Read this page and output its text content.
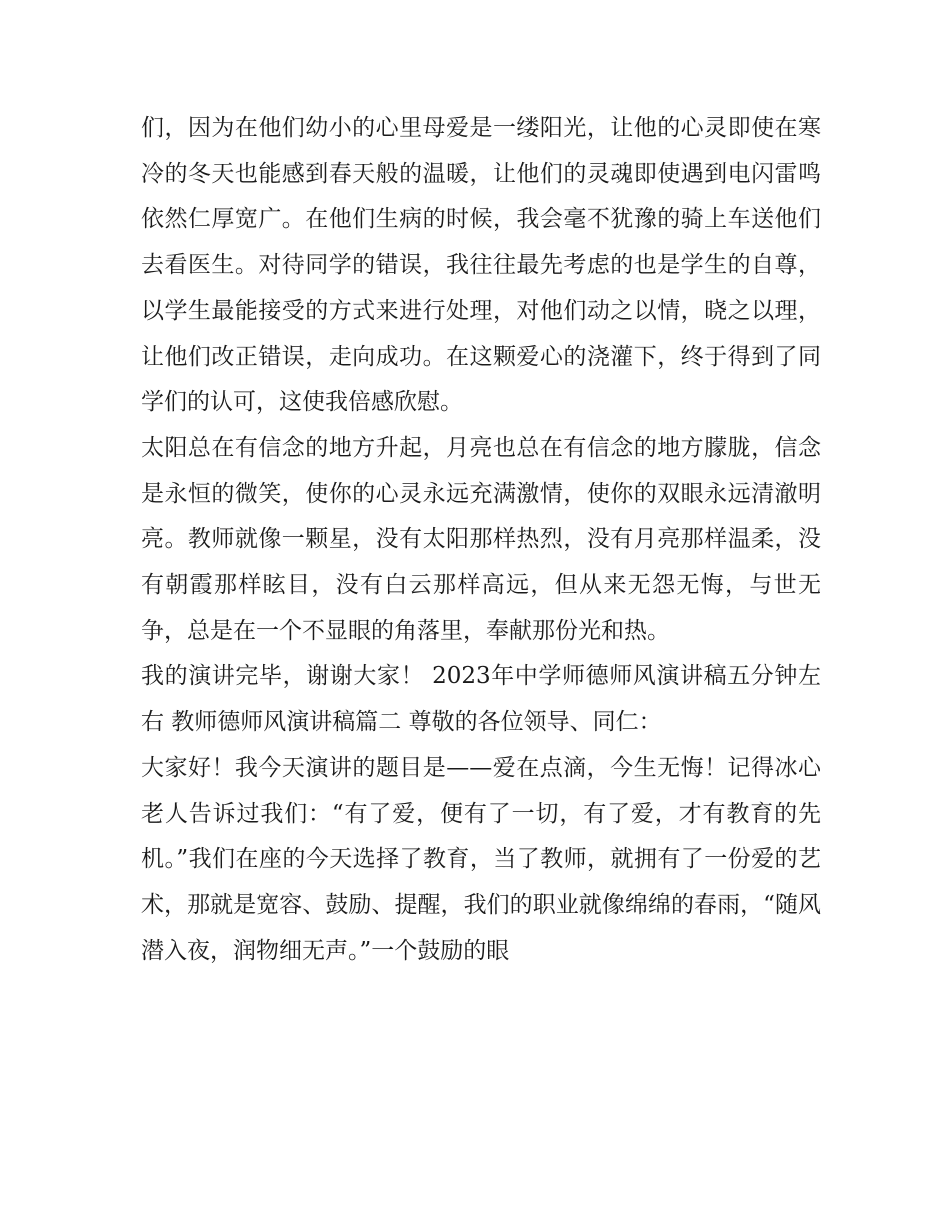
们，因为在他们幼小的心里母爱是一缕阳光，让他的心灵即使在寒冷的冬天也能感到春天般的温暖，让他们的灵魂即使遇到电闪雷鸣依然仁厚宽广。在他们生病的时候，我会毫不犹豫的骑上车送他们去看医生。对待同学的错误，我往往最先考虑的也是学生的自尊，以学生最能接受的方式来进行处理，对他们动之以情，晓之以理，让他们改正错误，走向成功。在这颗爱心的浇灌下，终于得到了同学们的认可，这使我倍感欣慰。

太阳总在有信念的地方升起，月亮也总在有信念的地方朦胧，信念是永恒的微笑，使你的心灵永远充满激情，使你的双眼永远清澈明亮。教师就像一颗星，没有太阳那样热烈，没有月亮那样温柔，没有朝霞那样眩目，没有白云那样高远，但从来无怨无悔，与世无争，总是在一个不显眼的角落里，奉献那份光和热。

我的演讲完毕，谢谢大家！ 2023年中学师德师风演讲稿五分钟左右 教师德师风演讲稿篇二 尊敬的各位领导、同仁：

大家好！我今天演讲的题目是——爱在点滴，今生无悔！记得冰心老人告诉过我们：“有了爱，便有了一切，有了爱，才有教育的先机。”我们在座的今天选择了教育，当了教师，就拥有了一份爱的艺术，那就是宽容、鼓励、提醒，我们的职业就像绵绵的春雨，“随风潜入夜，润物细无声。”一个鼓励的眼
